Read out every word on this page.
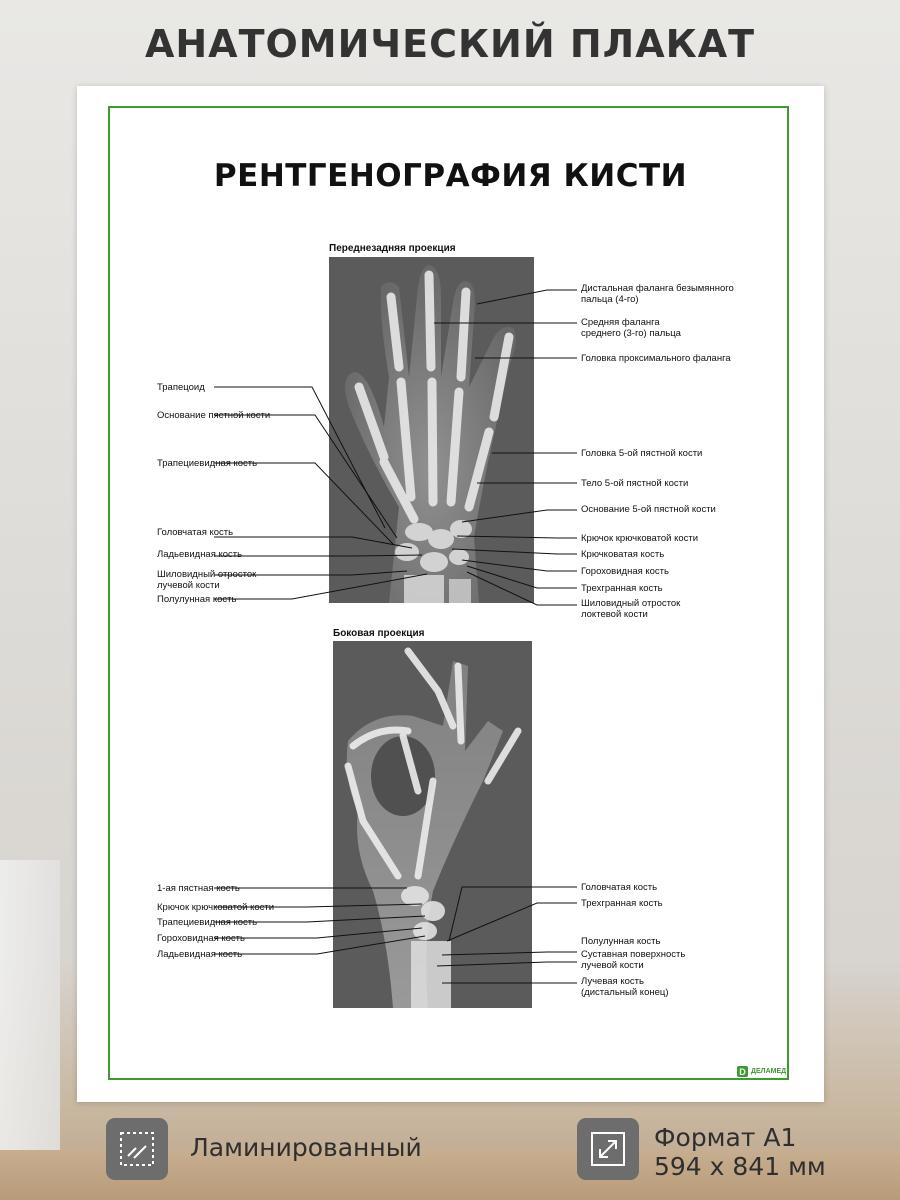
АНАТОМИЧЕСКИЙ ПЛАКАТ
РЕНТГЕНОГРАФИЯ КИСТИ
Переднезадняя проекция
Боковая проекция
Трапецоид
Основание пястной кости
Трапециевидная кость
Головчатая кость
Ладьевидная кость
Шиловидный отросток лучевой кости
Полулунная кость
Дистальная фаланга безымянного пальца (4-го)
Средняя фаланга среднего (3-го) пальца
Головка проксимального фаланга
Головка 5-ой пястной кости
Тело 5-ой пястной кости
Основание 5-ой пястной кости
Крючок крючковатой кости
Крючковатая кость
Гороховидная кость
Трехгранная кость
Шиловидный отросток локтевой кости
1-ая пястная кость
Крючок крючковатой кости
Трапециевидная кость
Гороховидная кость
Ладьевидная кость
Головчатая кость
Трехгранная кость
Полулунная кость
Суставная поверхность лучевой кости
Лучевая кость (дистальный конец)
D ДЕЛАМЕД
Ламинированный	Формат А1
594 х 841 мм
